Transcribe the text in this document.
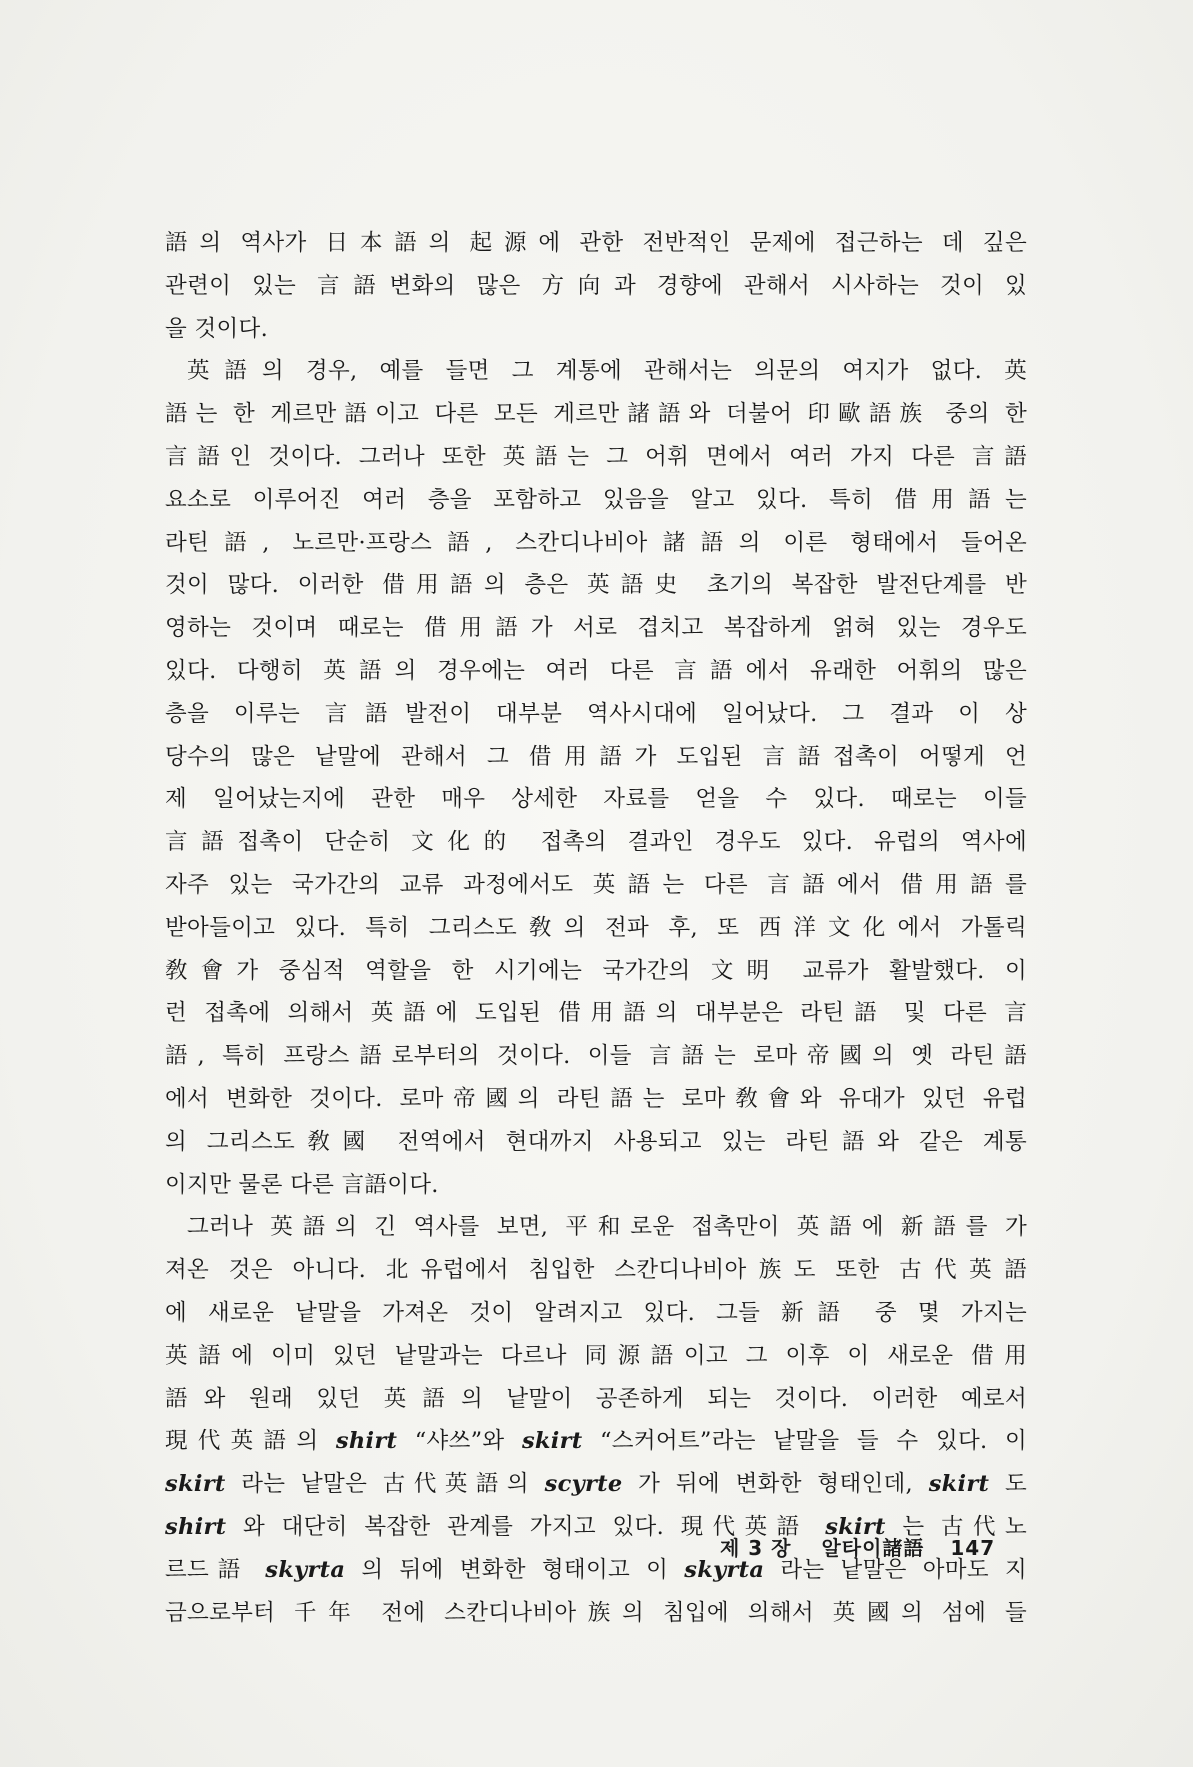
語의 역사가 日本語의 起源에 관한 전반적인 문제에 접근하는 데 깊은
관련이 있는 言語변화의 많은 方向과 경향에 관해서 시사하는 것이 있
을 것이다.

英語의 경우, 예를 들면 그 계통에 관해서는 의문의 여지가 없다. 英
語는 한 게르만語이고 다른 모든 게르만諸語와 더불어 印歐語族 중의 한
言語인 것이다. 그러나 또한 英語는 그 어휘 면에서 여러 가지 다른 言語
요소로 이루어진 여러 층을 포함하고 있음을 알고 있다. 특히 借用語는
라틴語, 노르만·프랑스語, 스칸디나비아諸語의 이른 형태에서 들어온
것이 많다. 이러한 借用語의 층은 英語史 초기의 복잡한 발전단계를 반
영하는 것이며 때로는 借用語가 서로 겹치고 복잡하게 얽혀 있는 경우도
있다. 다행히 英語의 경우에는 여러 다른 言語에서 유래한 어휘의 많은
층을 이루는 言語발전이 대부분 역사시대에 일어났다. 그 결과 이 상
당수의 많은 낱말에 관해서 그 借用語가 도입된 言語접촉이 어떻게 언
제 일어났는지에 관한 매우 상세한 자료를 얻을 수 있다. 때로는 이들
言語접촉이 단순히 文化的 접촉의 결과인 경우도 있다. 유럽의 역사에
자주 있는 국가간의 교류 과정에서도 英語는 다른 言語에서 借用語를
받아들이고 있다. 특히 그리스도敎의 전파 후, 또 西洋文化에서 가톨릭
敎會가 중심적 역할을 한 시기에는 국가간의 文明 교류가 활발했다. 이
런 접촉에 의해서 英語에 도입된 借用語의 대부분은 라틴語 및 다른 言
語, 특히 프랑스語로부터의 것이다. 이들 言語는 로마帝國의 옛 라틴語
에서 변화한 것이다. 로마帝國의 라틴語는 로마敎會와 유대가 있던 유럽
의 그리스도敎國 전역에서 현대까지 사용되고 있는 라틴語와 같은 계통
이지만 물론 다른 言語이다.

그러나 英語의 긴 역사를 보면, 平和로운 접촉만이 英語에 新語를 가
져온 것은 아니다. 北유럽에서 침입한 스칸디나비아族도 또한 古代英語
에 새로운 낱말을 가져온 것이 알려지고 있다. 그들 新語 중 몇 가지는
英語에 이미 있던 낱말과는 다르나 同源語이고 그 이후 이 새로운 借用
語와 원래 있던 英語의 낱말이 공존하게 되는 것이다. 이러한 예로서
現代英語의 shirt “샤쓰”와 skirt “스커어트”라는 낱말을 들 수 있다. 이
skirt 라는 낱말은 古代英語의 scyrte 가 뒤에 변화한 형태인데, skirt 도
shirt 와 대단히 복잡한 관계를 가지고 있다. 現代英語 skirt 는 古代노
르드語 skyrta 의 뒤에 변화한 형태이고 이 skyrta 라는 낱말은 아마도 지
금으로부터 千年 전에 스칸디나비아族의 침입에 의해서 英國의 섬에 들

제 3 장 알타이諸語 147
